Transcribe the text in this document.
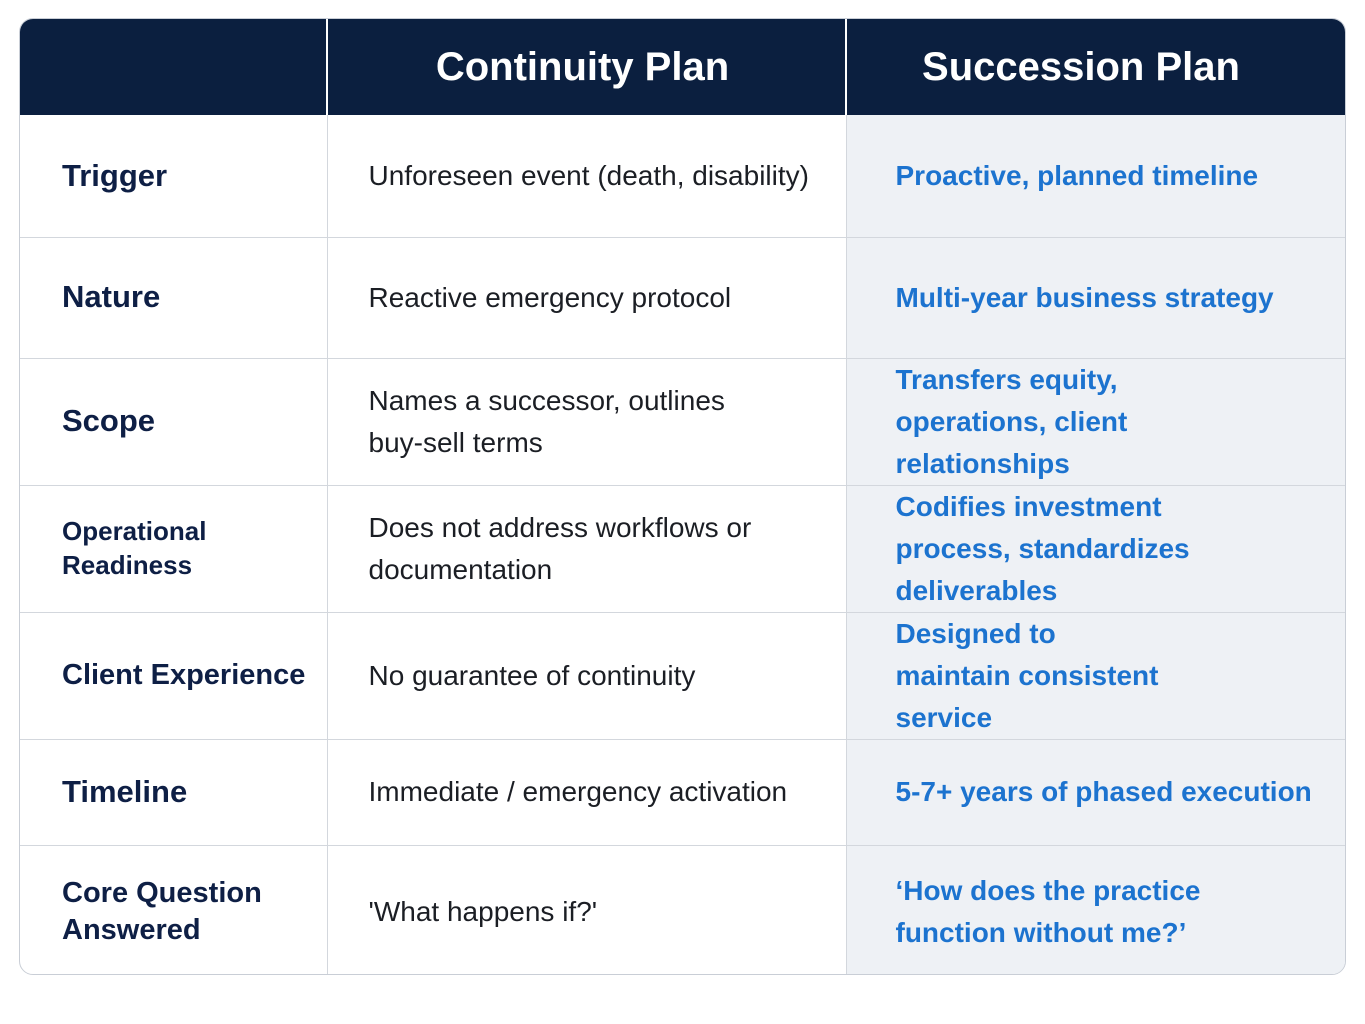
	Continuity Plan	Succession Plan
Trigger	Unforeseen event (death, disability)	Proactive, planned timeline
Nature	Reactive emergency protocol	Multi-year business strategy
Scope	Names a successor, outlines buy-sell terms	Transfers equity, operations, client relationships
Operational Readiness	Does not address workflows or documentation	Codifies investment process, standardizes deliverables
Client Experience	No guarantee of continuity	Designed to maintain consistent service
Timeline	Immediate / emergency activation	5-7+ years of phased execution
Core Question Answered	'What happens if?'	‘How does the practice function without me?’
